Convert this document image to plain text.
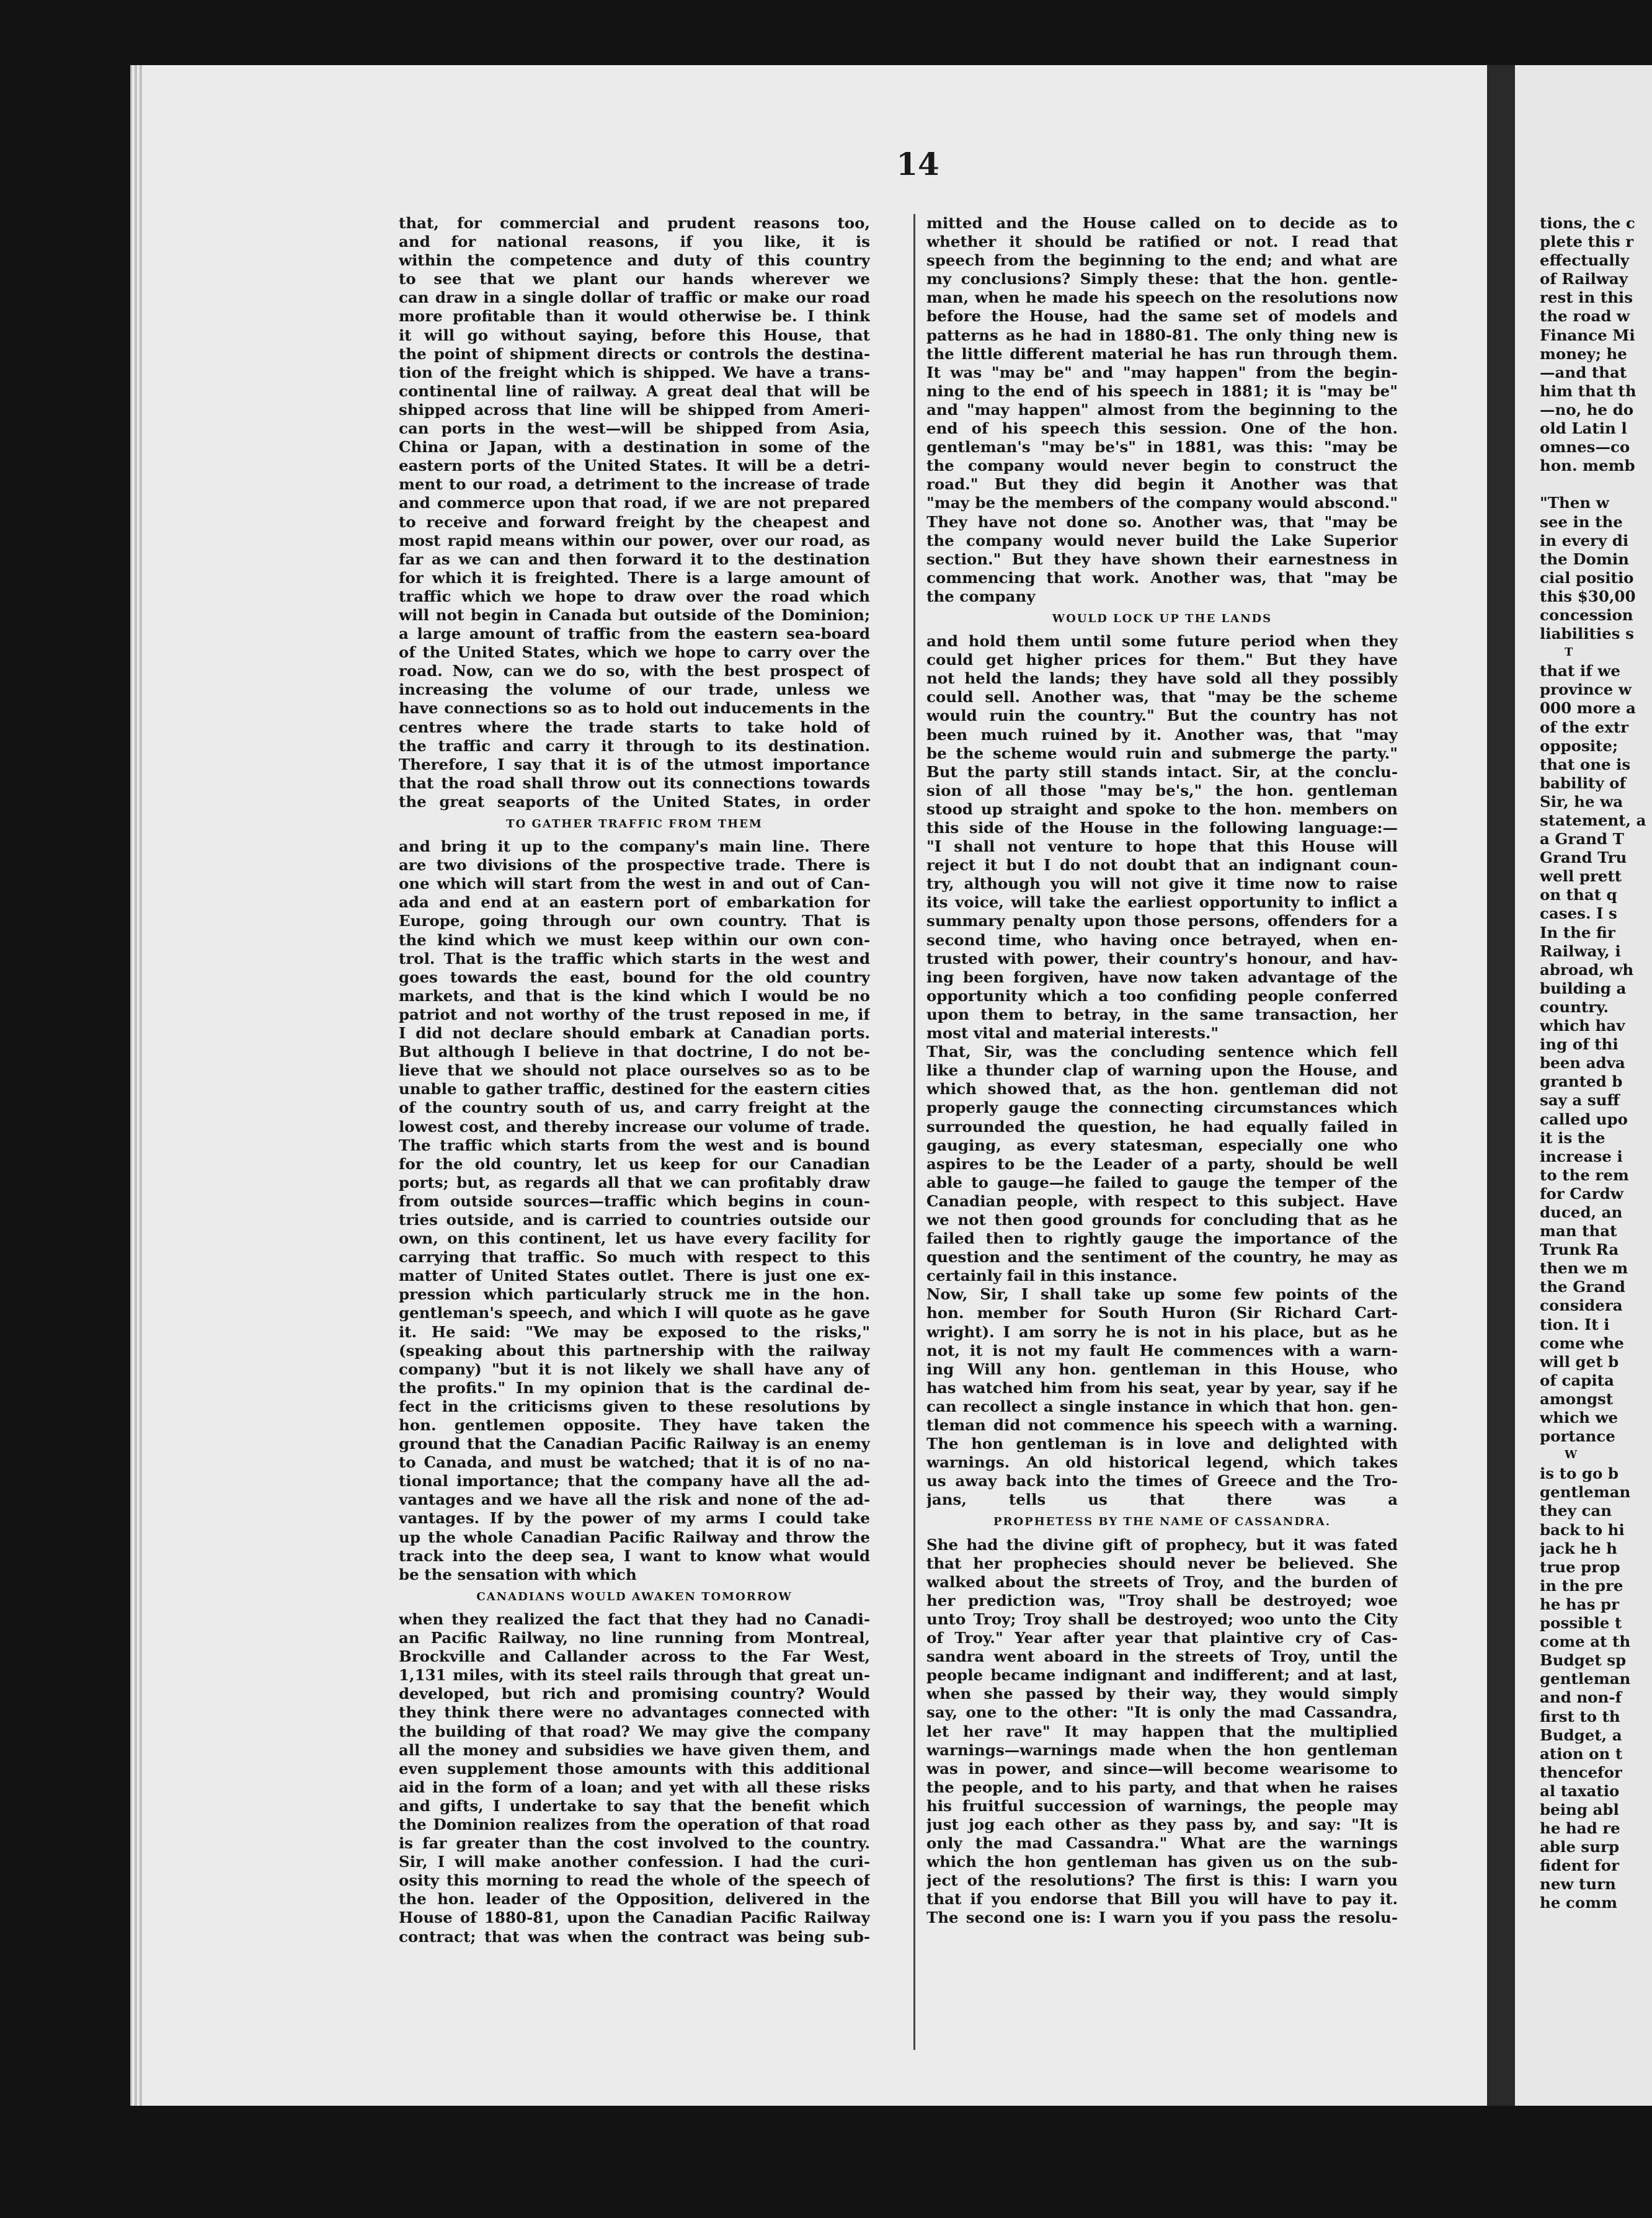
14
that, for commercial and prudent reasons too,
and for national reasons, if you like, it is
within the competence and duty of this country
to see that we plant our hands wherever we
can draw in a single dollar of traffic or make our road
more profitable than it would otherwise be. I think
it will go without saying, before this House, that
the point of shipment directs or controls the destina-
tion of the freight which is shipped. We have a trans-
continental line of railway. A great deal that will be
shipped across that line will be shipped from Ameri-
can ports in the west—will be shipped from Asia,
China or Japan, with a destination in some of the
eastern ports of the United States. It will be a detri-
ment to our road, a detriment to the increase of trade
and commerce upon that road, if we are not prepared
to receive and forward freight by the cheapest and
most rapid means within our power, over our road, as
far as we can and then forward it to the destination
for which it is freighted. There is a large amount of
traffic which we hope to draw over the road which
will not begin in Canada but outside of the Dominion;
a large amount of traffic from the eastern sea-board
of the United States, which we hope to carry over the
road. Now, can we do so, with the best prospect of
increasing the volume of our trade, unless we
have connections so as to hold out inducements in the
centres where the trade starts to take hold of
the traffic and carry it through to its destination.
Therefore, I say that it is of the utmost importance
that the road shall throw out its connections towards
the great seaports of the United States, in order
TO GATHER TRAFFIC FROM THEM
and bring it up to the company's main line. There
are two divisions of the prospective trade. There is
one which will start from the west in and out of Can-
ada and end at an eastern port of embarkation for
Europe, going through our own country. That is
the kind which we must keep within our own con-
trol. That is the traffic which starts in the west and
goes towards the east, bound for the old country
markets, and that is the kind which I would be no
patriot and not worthy of the trust reposed in me, if
I did not declare should embark at Canadian ports.
But although I believe in that doctrine, I do not be-
lieve that we should not place ourselves so as to be
unable to gather traffic, destined for the eastern cities
of the country south of us, and carry freight at the
lowest cost, and thereby increase our volume of trade.
The traffic which starts from the west and is bound
for the old country, let us keep for our Canadian
ports; but, as regards all that we can profitably draw
from outside sources—traffic which begins in coun-
tries outside, and is carried to countries outside our
own, on this continent, let us have every facility for
carrying that traffic. So much with respect to this
matter of United States outlet. There is just one ex-
pression which particularly struck me in the hon.
gentleman's speech, and which I will quote as he gave
it. He said: "We may be exposed to the risks,"
(speaking about this partnership with the railway
company) "but it is not likely we shall have any of
the profits." In my opinion that is the cardinal de-
fect in the criticisms given to these resolutions by
hon. gentlemen opposite. They have taken the
ground that the Canadian Pacific Railway is an enemy
to Canada, and must be watched; that it is of no na-
tional importance; that the company have all the ad-
vantages and we have all the risk and none of the ad-
vantages. If by the power of my arms I could take
up the whole Canadian Pacific Railway and throw the
track into the deep sea, I want to know what would
be the sensation with which
CANADIANS WOULD AWAKEN TOMORROW
when they realized the fact that they had no Canadi-
an Pacific Railway, no line running from Montreal,
Brockville and Callander across to the Far West,
1,131 miles, with its steel rails through that great un-
developed, but rich and promising country? Would
they think there were no advantages connected with
the building of that road? We may give the company
all the money and subsidies we have given them, and
even supplement those amounts with this additional
aid in the form of a loan; and yet with all these risks
and gifts, I undertake to say that the benefit which
the Dominion realizes from the operation of that road
is far greater than the cost involved to the country.
Sir, I will make another confession. I had the curi-
osity this morning to read the whole of the speech of
the hon. leader of the Opposition, delivered in the
House of 1880-81, upon the Canadian Pacific Railway
contract; that was when the contract was being sub-
mitted and the House called on to decide as to
whether it should be ratified or not. I read that
speech from the beginning to the end; and what are
my conclusions? Simply these: that the hon. gentle-
man, when he made his speech on the resolutions now
before the House, had the same set of models and
patterns as he had in 1880-81. The only thing new is
the little different material he has run through them.
It was "may be" and "may happen" from the begin-
ning to the end of his speech in 1881; it is "may be"
and "may happen" almost from the beginning to the
end of his speech this session. One of the hon.
gentleman's "may be's" in 1881, was this: "may be
the company would never begin to construct the
road." But they did begin it Another was that
"may be the members of the company would abscond."
They have not done so. Another was, that "may be
the company would never build the Lake Superior
section." But they have shown their earnestness in
commencing that work. Another was, that "may be
the company
WOULD LOCK UP THE LANDS
and hold them until some future period when they
could get higher prices for them." But they have
not held the lands; they have sold all they possibly
could sell. Another was, that "may be the scheme
would ruin the country." But the country has not
been much ruined by it. Another was, that "may
be the scheme would ruin and submerge the party."
But the party still stands intact. Sir, at the conclu-
sion of all those "may be's," the hon. gentleman
stood up straight and spoke to the hon. members on
this side of the House in the following language:—
"I shall not venture to hope that this House will
reject it but I do not doubt that an indignant coun-
try, although you will not give it time now to raise
its voice, will take the earliest opportunity to inflict a
summary penalty upon those persons, offenders for a
second time, who having once betrayed, when en-
trusted with power, their country's honour, and hav-
ing been forgiven, have now taken advantage of the
opportunity which a too confiding people conferred
upon them to betray, in the same transaction, her
most vital and material interests."
That, Sir, was the concluding sentence which fell
like a thunder clap of warning upon the House, and
which showed that, as the hon. gentleman did not
properly gauge the connecting circumstances which
surrounded the question, he had equally failed in
gauging, as every statesman, especially one who
aspires to be the Leader of a party, should be well
able to gauge—he failed to gauge the temper of the
Canadian people, with respect to this subject. Have
we not then good grounds for concluding that as he
failed then to rightly gauge the importance of the
question and the sentiment of the country, he may as
certainly fail in this instance.
Now, Sir, I shall take up some few points of the
hon. member for South Huron (Sir Richard Cart-
wright). I am sorry he is not in his place, but as he
not, it is not my fault He commences with a warn-
ing Will any hon. gentleman in this House, who
has watched him from his seat, year by year, say if he
can recollect a single instance in which that hon. gen-
tleman did not commence his speech with a warning.
The hon gentleman is in love and delighted with
warnings. An old historical legend, which takes
us away back into the times of Greece and the Tro-
jans, tells us that there was a
PROPHETESS BY THE NAME OF CASSANDRA.
She had the divine gift of prophecy, but it was fated
that her prophecies should never be believed. She
walked about the streets of Troy, and the burden of
her prediction was, "Troy shall be destroyed; woe
unto Troy; Troy shall be destroyed; woo unto the City
of Troy." Year after year that plaintive cry of Cas-
sandra went aboard in the streets of Troy, until the
people became indignant and indifferent; and at last,
when she passed by their way, they would simply
say, one to the other: "It is only the mad Cassandra,
let her rave" It may happen that the multiplied
warnings—warnings made when the hon gentleman
was in power, and since—will become wearisome to
the people, and to his party, and that when he raises
his fruitful succession of warnings, the people may
just jog each other as they pass by, and say: "It is
only the mad Cassandra." What are the warnings
which the hon gentleman has given us on the sub-
ject of the resolutions? The first is this: I warn you
that if you endorse that Bill you will have to pay it.
The second one is: I warn you if you pass the resolu-
tions, the c
plete this r
effectually
of Railway
rest in this
the road w
Finance Mi
money; he
—and that
him that th
—no, he do
old Latin l
omnes—co
hon. memb
"Then w
see in the
in every di
the Domin
cial positio
this $30,00
concession
liabilities s
T
that if we
province w
000 more a
of the extr
opposite;
that one is
bability of
Sir, he wa
statement, a
a Grand T
Grand Tru
well prett
on that q
cases. I s
In the fir
Railway, i
abroad, wh
building a
country.
which hav
ing of thi
been adva
granted b
say a suff
called upo
it is the
increase i
to the rem
for Cardw
duced, an
man that
Trunk Ra
then we m
the Grand
considera
tion. It i
come whe
will get b
of capita
amongst
which we
portance
W
is to go b
gentleman
they can
back to hi
jack he h
true prop
in the pre
he has pr
possible t
come at th
Budget sp
gentleman
and non-f
first to th
Budget, a
ation on t
thencefor
al taxatio
being abl
he had re
able surp
fident for
new turn
he comm
